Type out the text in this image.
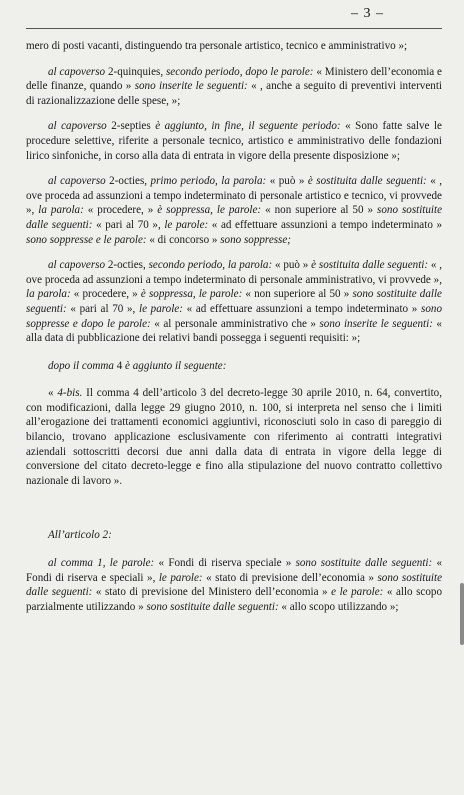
– 3 –

mero di posti vacanti, distinguendo tra personale artistico, tecnico e amministrativo »;

al capoverso 2-quinquies, secondo periodo, dopo le parole: « Ministero dell’economia e delle finanze, quando » sono inserite le seguenti: « , anche a seguito di preventivi interventi di razionalizzazione delle spese, »;

al capoverso 2-septies è aggiunto, in fine, il seguente periodo: « Sono fatte salve le procedure selettive, riferite a personale tecnico, artistico e amministrativo delle fondazioni lirico sinfoniche, in corso alla data di entrata in vigore della presente disposizione »;

al capoverso 2-octies, primo periodo, la parola: « può » è sostituita dalle seguenti: « , ove proceda ad assunzioni a tempo indeterminato di personale artistico e tecnico, vi provvede », la parola: « procedere, » è soppressa, le parole: « non superiore al 50 » sono sostituite dalle seguenti: « pari al 70 », le parole: « ad effettuare assunzioni a tempo indeterminato » sono soppresse e le parole: « di concorso » sono soppresse;

al capoverso 2-octies, secondo periodo, la parola: « può » è sostituita dalle seguenti: « , ove proceda ad assunzioni a tempo indeterminato di personale amministrativo, vi provvede », la parola: « procedere, » è soppressa, le parole: « non superiore al 50 » sono sostituite dalle seguenti: « pari al 70 », le parole: « ad effettuare assunzioni a tempo indeterminato » sono soppresse e dopo le parole: « al personale amministrativo che » sono inserite le seguenti: « alla data di pubblicazione dei relativi bandi possegga i seguenti requisiti: »;

dopo il comma 4 è aggiunto il seguente:

« 4-bis. Il comma 4 dell’articolo 3 del decreto-legge 30 aprile 2010, n. 64, convertito, con modificazioni, dalla legge 29 giugno 2010, n. 100, si interpreta nel senso che i limiti all’erogazione dei trattamenti economici aggiuntivi, riconosciuti solo in caso di pareggio di bilancio, trovano applicazione esclusivamente con riferimento ai contratti integrativi aziendali sottoscritti decorsi due anni dalla data di entrata in vigore della legge di conversione del citato decreto-legge e fino alla stipulazione del nuovo contratto collettivo nazionale di lavoro ».

All’articolo 2:

al comma 1, le parole: « Fondi di riserva speciale » sono sostituite dalle seguenti: « Fondi di riserva e speciali », le parole: « stato di previsione dell’economia » sono sostituite dalle seguenti: « stato di previsione del Ministero dell’economia » e le parole: « allo scopo parzialmente utilizzando » sono sostituite dalle seguenti: « allo scopo utilizzando »;
